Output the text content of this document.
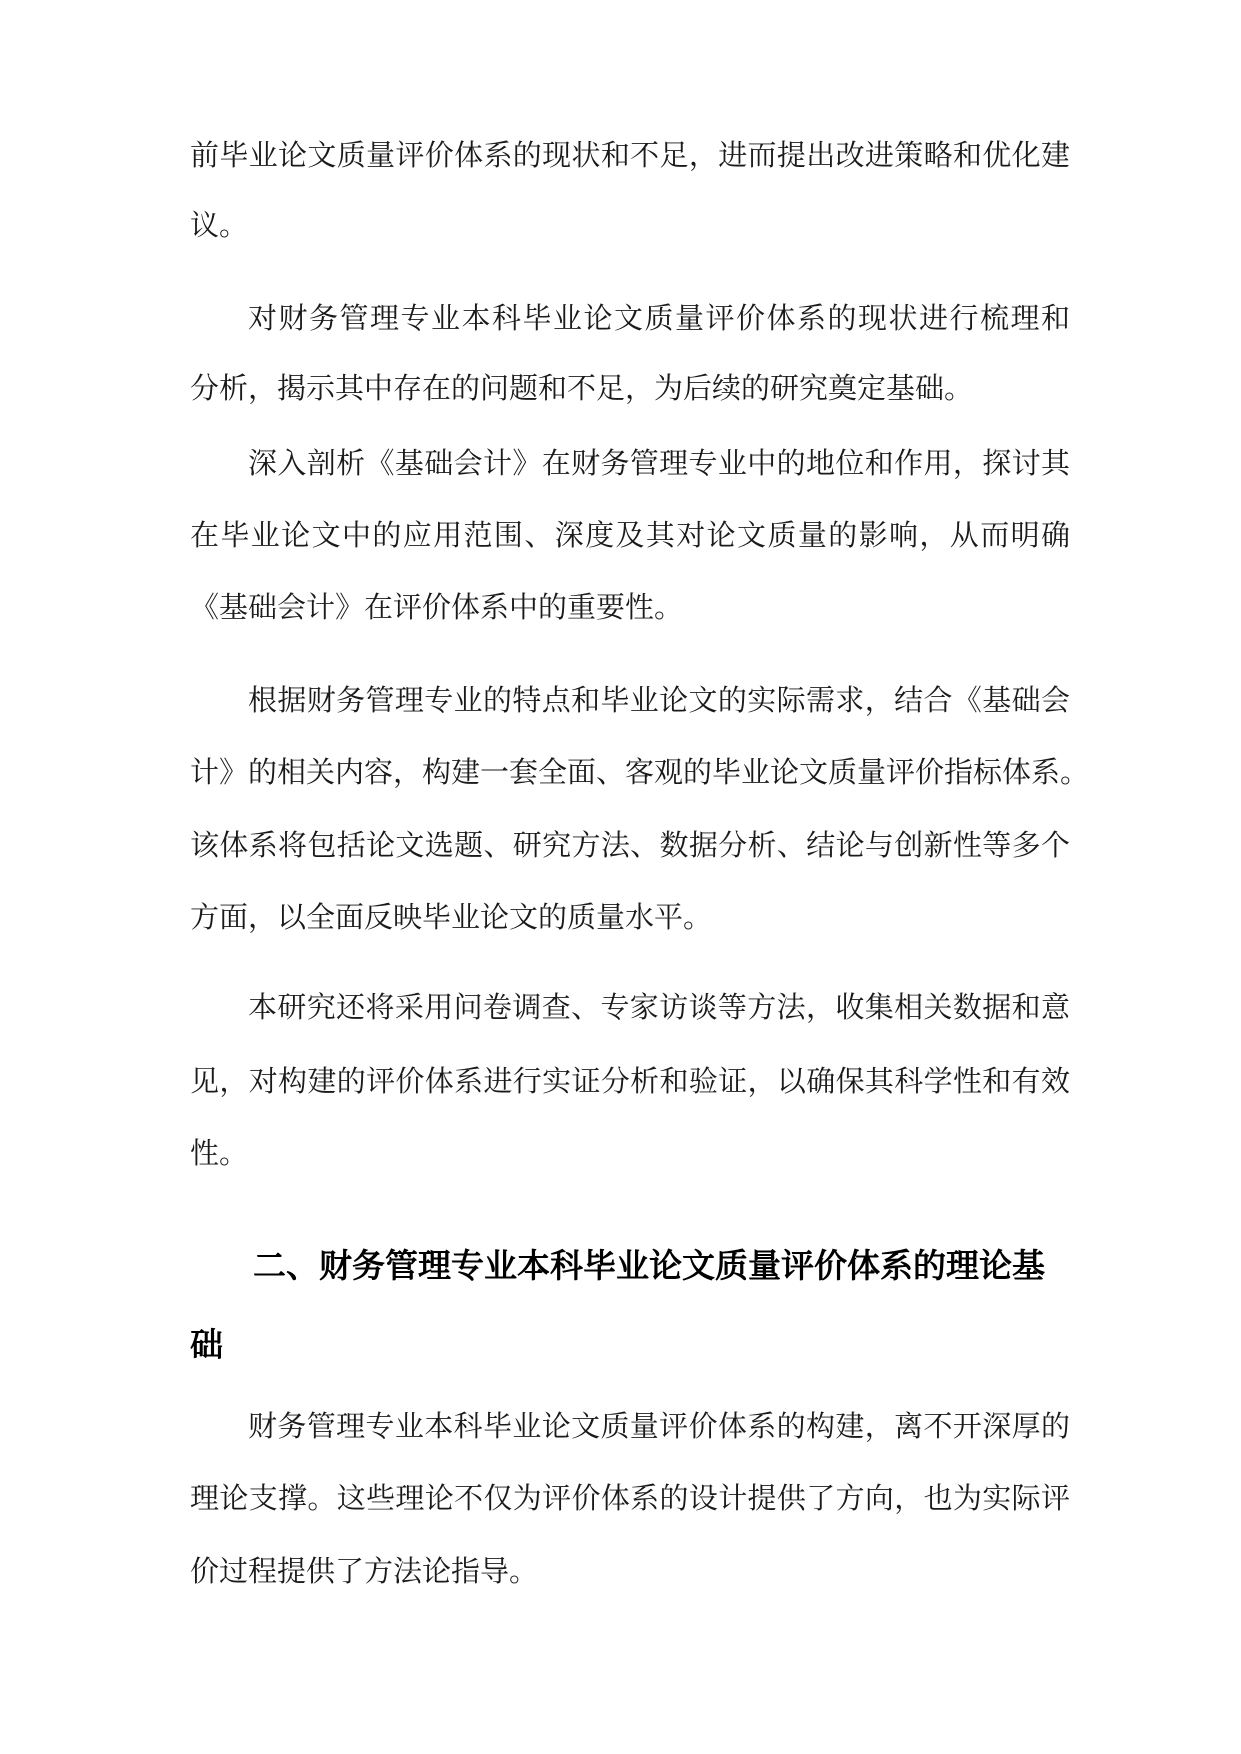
前毕业论文质量评价体系的现状和不足，进而提出改进策略和优化建
议。
对财务管理专业本科毕业论文质量评价体系的现状进行梳理和
分析，揭示其中存在的问题和不足，为后续的研究奠定基础。
深入剖析《基础会计》在财务管理专业中的地位和作用，探讨其
在毕业论文中的应用范围、深度及其对论文质量的影响，从而明确
《基础会计》在评价体系中的重要性。
根据财务管理专业的特点和毕业论文的实际需求，结合《基础会
计》的相关内容，构建一套全面、客观的毕业论文质量评价指标体系。
该体系将包括论文选题、研究方法、数据分析、结论与创新性等多个
方面，以全面反映毕业论文的质量水平。
本研究还将采用问卷调查、专家访谈等方法，收集相关数据和意
见，对构建的评价体系进行实证分析和验证，以确保其科学性和有效
性。
二、财务管理专业本科毕业论文质量评价体系的理论基
础
财务管理专业本科毕业论文质量评价体系的构建，离不开深厚的
理论支撑。这些理论不仅为评价体系的设计提供了方向，也为实际评
价过程提供了方法论指导。
